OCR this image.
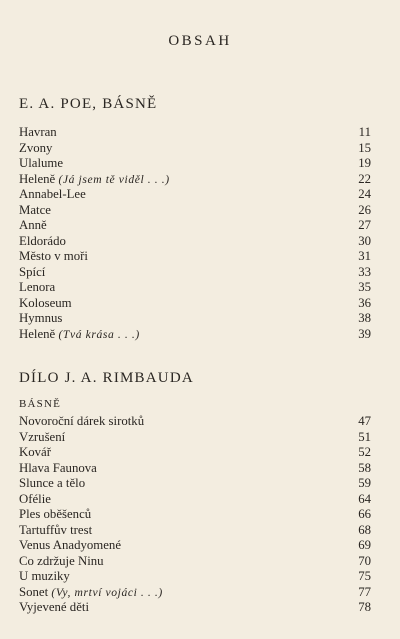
OBSAH
E. A. POE, BÁSNĚ
Havran	11
Zvony	15
Ulalume	19
Heleně (Já jsem tě viděl . . .)	22
Annabel-Lee	24
Matce	26
Anně	27
Eldorádo	30
Město v moři	31
Spící	33
Lenora	35
Koloseum	36
Hymnus	38
Heleně (Tvá krása . . .)	39
DÍLO J. A. RIMBAUDA
BÁSNĚ
Novoroční dárek sirotků	47
Vzrušení	51
Kovář	52
Hlava Faunova	58
Slunce a tělo	59
Ofélie	64
Ples oběšenců	66
Tartuffův trest	68
Venus Anadyomené	69
Co zdržuje Ninu	70
U muziky	75
Sonet (Vy, mrtví vojáci . . .)	77
Vyjevené děti	78
